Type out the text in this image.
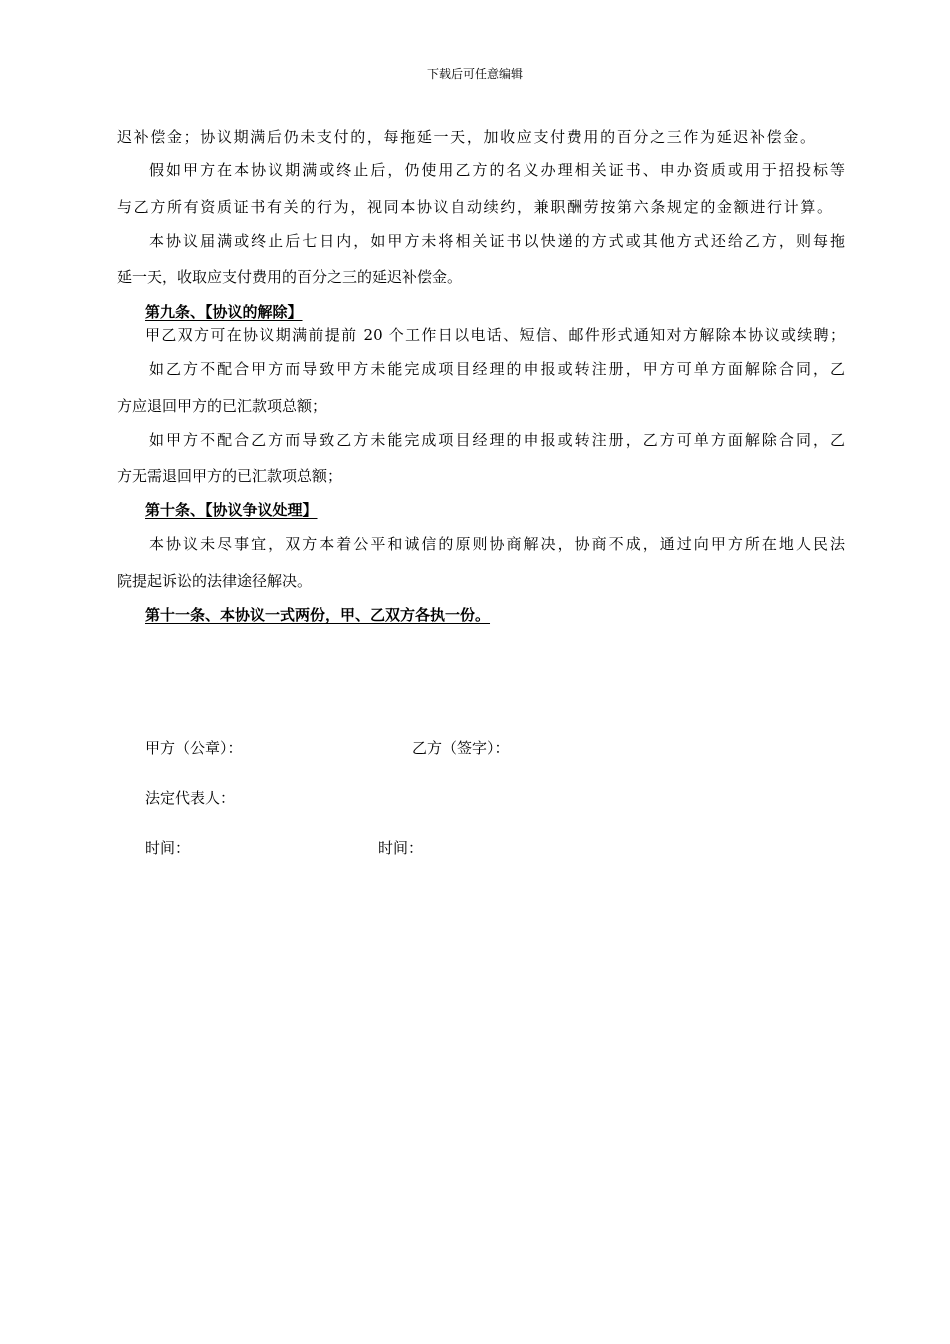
下载后可任意编辑
迟补偿金；协议期满后仍未支付的，每拖延一天，加收应支付费用的百分之三作为延迟补偿金。
假如甲方在本协议期满或终止后，仍使用乙方的名义办理相关证书、申办资质或用于招投标等
与乙方所有资质证书有关的行为，视同本协议自动续约，兼职酬劳按第六条规定的金额进行计算。
本协议届满或终止后七日内，如甲方未将相关证书以快递的方式或其他方式还给乙方，则每拖
延一天，收取应支付费用的百分之三的延迟补偿金。
第九条、【协议的解除】
甲乙双方可在协议期满前提前 20 个工作日以电话、短信、邮件形式通知对方解除本协议或续聘；
如乙方不配合甲方而导致甲方未能完成项目经理的申报或转注册，甲方可单方面解除合同，乙
方应退回甲方的已汇款项总额；
如甲方不配合乙方而导致乙方未能完成项目经理的申报或转注册，乙方可单方面解除合同，乙
方无需退回甲方的已汇款项总额；
第十条、【协议争议处理】
本协议未尽事宜，双方本着公平和诚信的原则协商解决，协商不成，通过向甲方所在地人民法
院提起诉讼的法律途径解决。
第十一条、本协议一式两份，甲、乙双方各执一份。
甲方（公章）：	乙方（签字）：
法定代表人：
时间：	时间：
